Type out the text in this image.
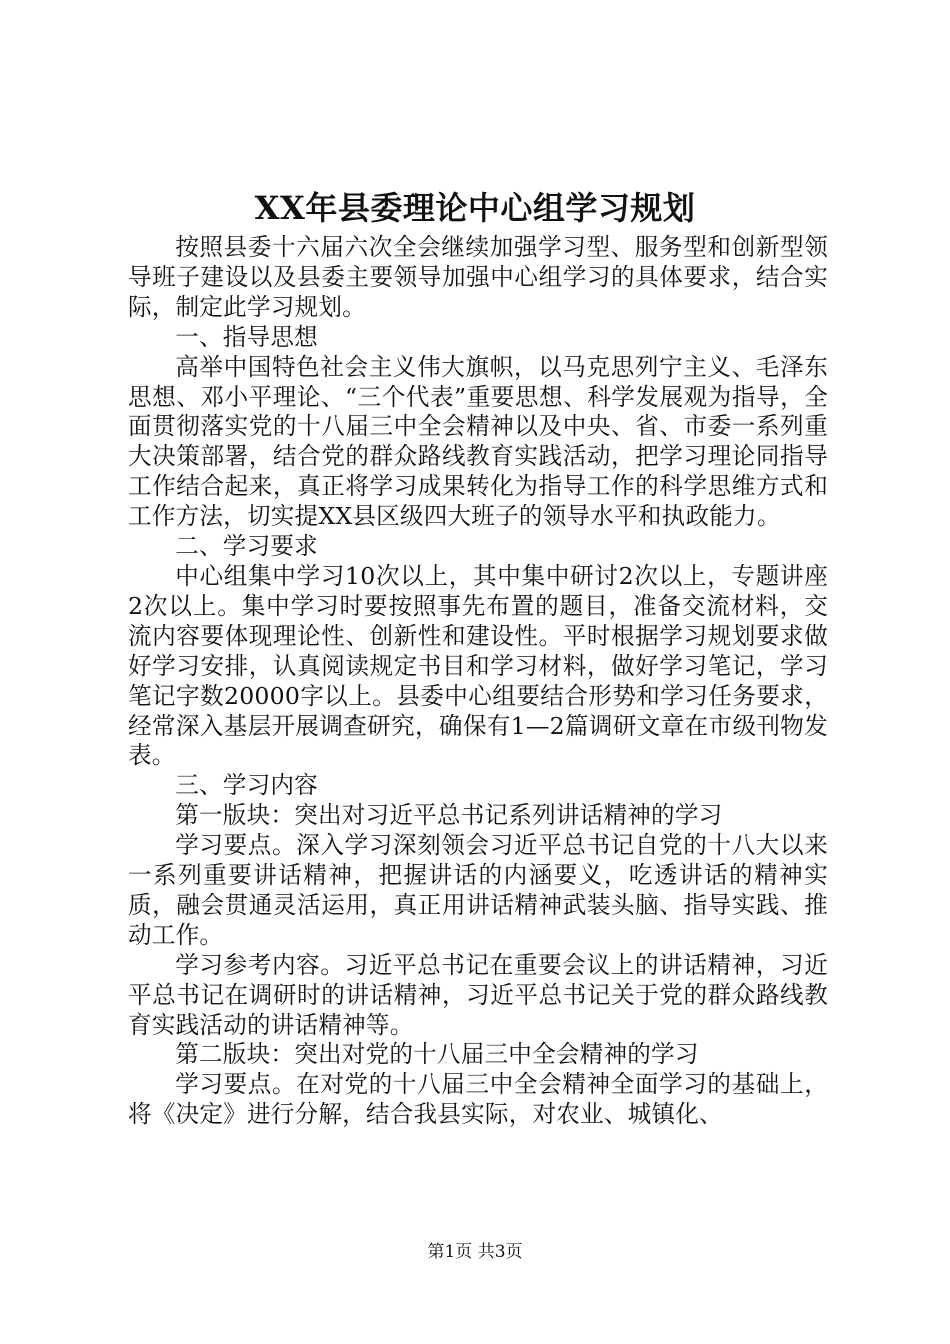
XX年县委理论中心组学习规划

按照县委十六届六次全会继续加强学习型、服务型和创新型领导班子建设以及县委主要领导加强中心组学习的具体要求，结合实际，制定此学习规划。

一、指导思想

高举中国特色社会主义伟大旗帜，以马克思列宁主义、毛泽东思想、邓小平理论、“三个代表”重要思想、科学发展观为指导，全面贯彻落实党的十八届三中全会精神以及中央、省、市委一系列重大决策部署，结合党的群众路线教育实践活动，把学习理论同指导工作结合起来，真正将学习成果转化为指导工作的科学思维方式和工作方法，切实提XX县区级四大班子的领导水平和执政能力。

二、学习要求

中心组集中学习10次以上，其中集中研讨2次以上，专题讲座2次以上。集中学习时要按照事先布置的题目，准备交流材料，交流内容要体现理论性、创新性和建设性。平时根据学习规划要求做好学习安排，认真阅读规定书目和学习材料，做好学习笔记，学习笔记字数20000字以上。县委中心组要结合形势和学习任务要求，经常深入基层开展调查研究，确保有1—2篇调研文章在市级刊物发表。

三、学习内容

第一版块：突出对习近平总书记系列讲话精神的学习

学习要点。深入学习深刻领会习近平总书记自党的十八大以来一系列重要讲话精神，把握讲话的内涵要义，吃透讲话的精神实质，融会贯通灵活运用，真正用讲话精神武装头脑、指导实践、推动工作。

学习参考内容。习近平总书记在重要会议上的讲话精神，习近平总书记在调研时的讲话精神，习近平总书记关于党的群众路线教育实践活动的讲话精神等。

第二版块：突出对党的十八届三中全会精神的学习

学习要点。在对党的十八届三中全会精神全面学习的基础上，将《决定》进行分解，结合我县实际，对农业、城镇化、

第1页 共3页
